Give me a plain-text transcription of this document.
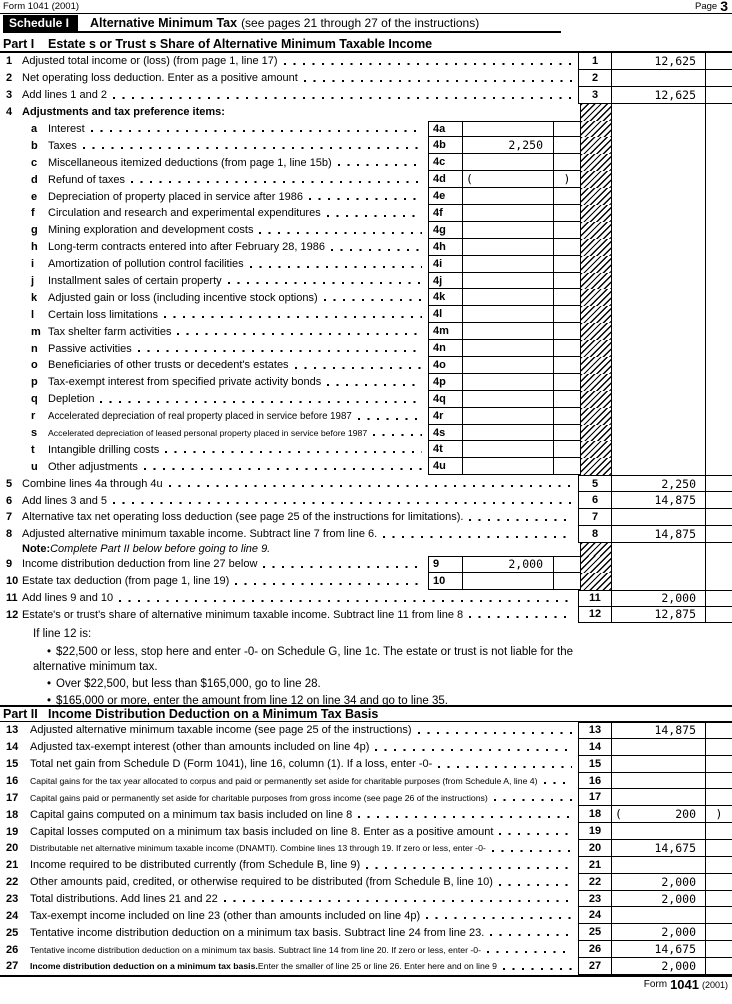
Form 1041 (2001)	Page 3
Schedule I	Alternative Minimum Tax (see pages 21 through 27 of the instructions)
Part I	Estate s or Trust s Share of Alternative Minimum Taxable Income
1 Adjusted total income or (loss) (from page 1, line 17)	1	12,625
2 Net operating loss deduction. Enter as a positive amount	2
3 Add lines 1 and 2	3	12,625
4 Adjustments and tax preference items:
a Interest	4a
b Taxes	4b	2,250
c Miscellaneous itemized deductions (from page 1, line 15b)	4c
d Refund of taxes	4d	(	)
e Depreciation of property placed in service after 1986	4e
f	Circulation and research and experimental expenditures	4f
g Mining exploration and development costs	4g
h Long-term contracts entered into after February 28, 1986	4h
i	Amortization of pollution control facilities	4i
j	Installment sales of certain property	4j
k Adjusted gain or loss (including incentive stock options)	4k
l	Certain loss limitations	4l
m Tax shelter farm activities	4m
n Passive activities	4n
o Beneficiaries of other trusts or decedent's estates	4o
p Tax-exempt interest from specified private activity bonds	4p
q Depletion	4q
r	Accelerated depreciation of real property placed in service before 1987	4r
s	Accelerated depreciation of leased personal property placed in service before 1987	4s
t	Intangible drilling costs	4t
u Other adjustments	4u
5 Combine lines 4a through 4u	5	2,250
6 Add lines 3 and 5	6	14,875
7 Alternative tax net operating loss deduction (see page 25 of the instructions for limitations).	7
8 Adjusted alternative minimum taxable income. Subtract line 7 from line 6.	8	14,875
Note: Complete Part II below before going to line 9.
9 Income distribution deduction from line 27 below	9	2,000
10 Estate tax deduction (from page 1, line 19)	10
11 Add lines 9 and 10	11	2,000
12 Estate's or trust's share of alternative minimum taxable income. Subtract line 11 from line 8	12	12,875
If line 12 is:
• $22,500 or less, stop here and enter -0- on Schedule G, line 1c. The estate or trust is not liable for the alternative minimum tax.
• Over $22,500, but less than $165,000, go to line 28.
• $165,000 or more, enter the amount from line 12 on line 34 and go to line 35.
Part II Income Distribution Deduction on a Minimum Tax Basis
13	Adjusted alternative minimum taxable income (see page 25 of the instructions)	13	14,875
14	Adjusted tax-exempt interest (other than amounts included on line 4p)	14
15	Total net gain from Schedule D (Form 1041), line 16, column (1). If a loss, enter -0-	15
16	Capital gains for the tax year allocated to corpus and paid or permanently set aside for charitable purposes (from Schedule A, line 4)	16
17	Capital gains paid or permanently set aside for charitable purposes from gross income (see page 26 of the instructions)	17
18	Capital gains computed on a minimum tax basis included on line 8	18	(	200 )
19	Capital losses computed on a minimum tax basis included on line 8. Enter as a positive amount	19
20	Distributable net alternative minimum taxable income (DNAMTI). Combine lines 13 through 19. If zero or less, enter -0-	20	14,675
21	Income required to be distributed currently (from Schedule B, line 9)	21
22	Other amounts paid, credited, or otherwise required to be distributed (from Schedule B, line 10)	22	2,000
23	Total distributions. Add lines 21 and 22	23	2,000
24	Tax-exempt income included on line 23 (other than amounts included on line 4p)	24
25	Tentative income distribution deduction on a minimum tax basis. Subtract line 24 from line 23.	25	2,000
26	Tentative income distribution deduction on a minimum tax basis. Subtract line 14 from line 20. If zero or less, enter -0-	26	14,675
27	Income distribution deduction on a minimum tax basis. Enter the smaller of line 25 or line 26. Enter here and on line 9	27	2,000
Form 1041 (2001)
